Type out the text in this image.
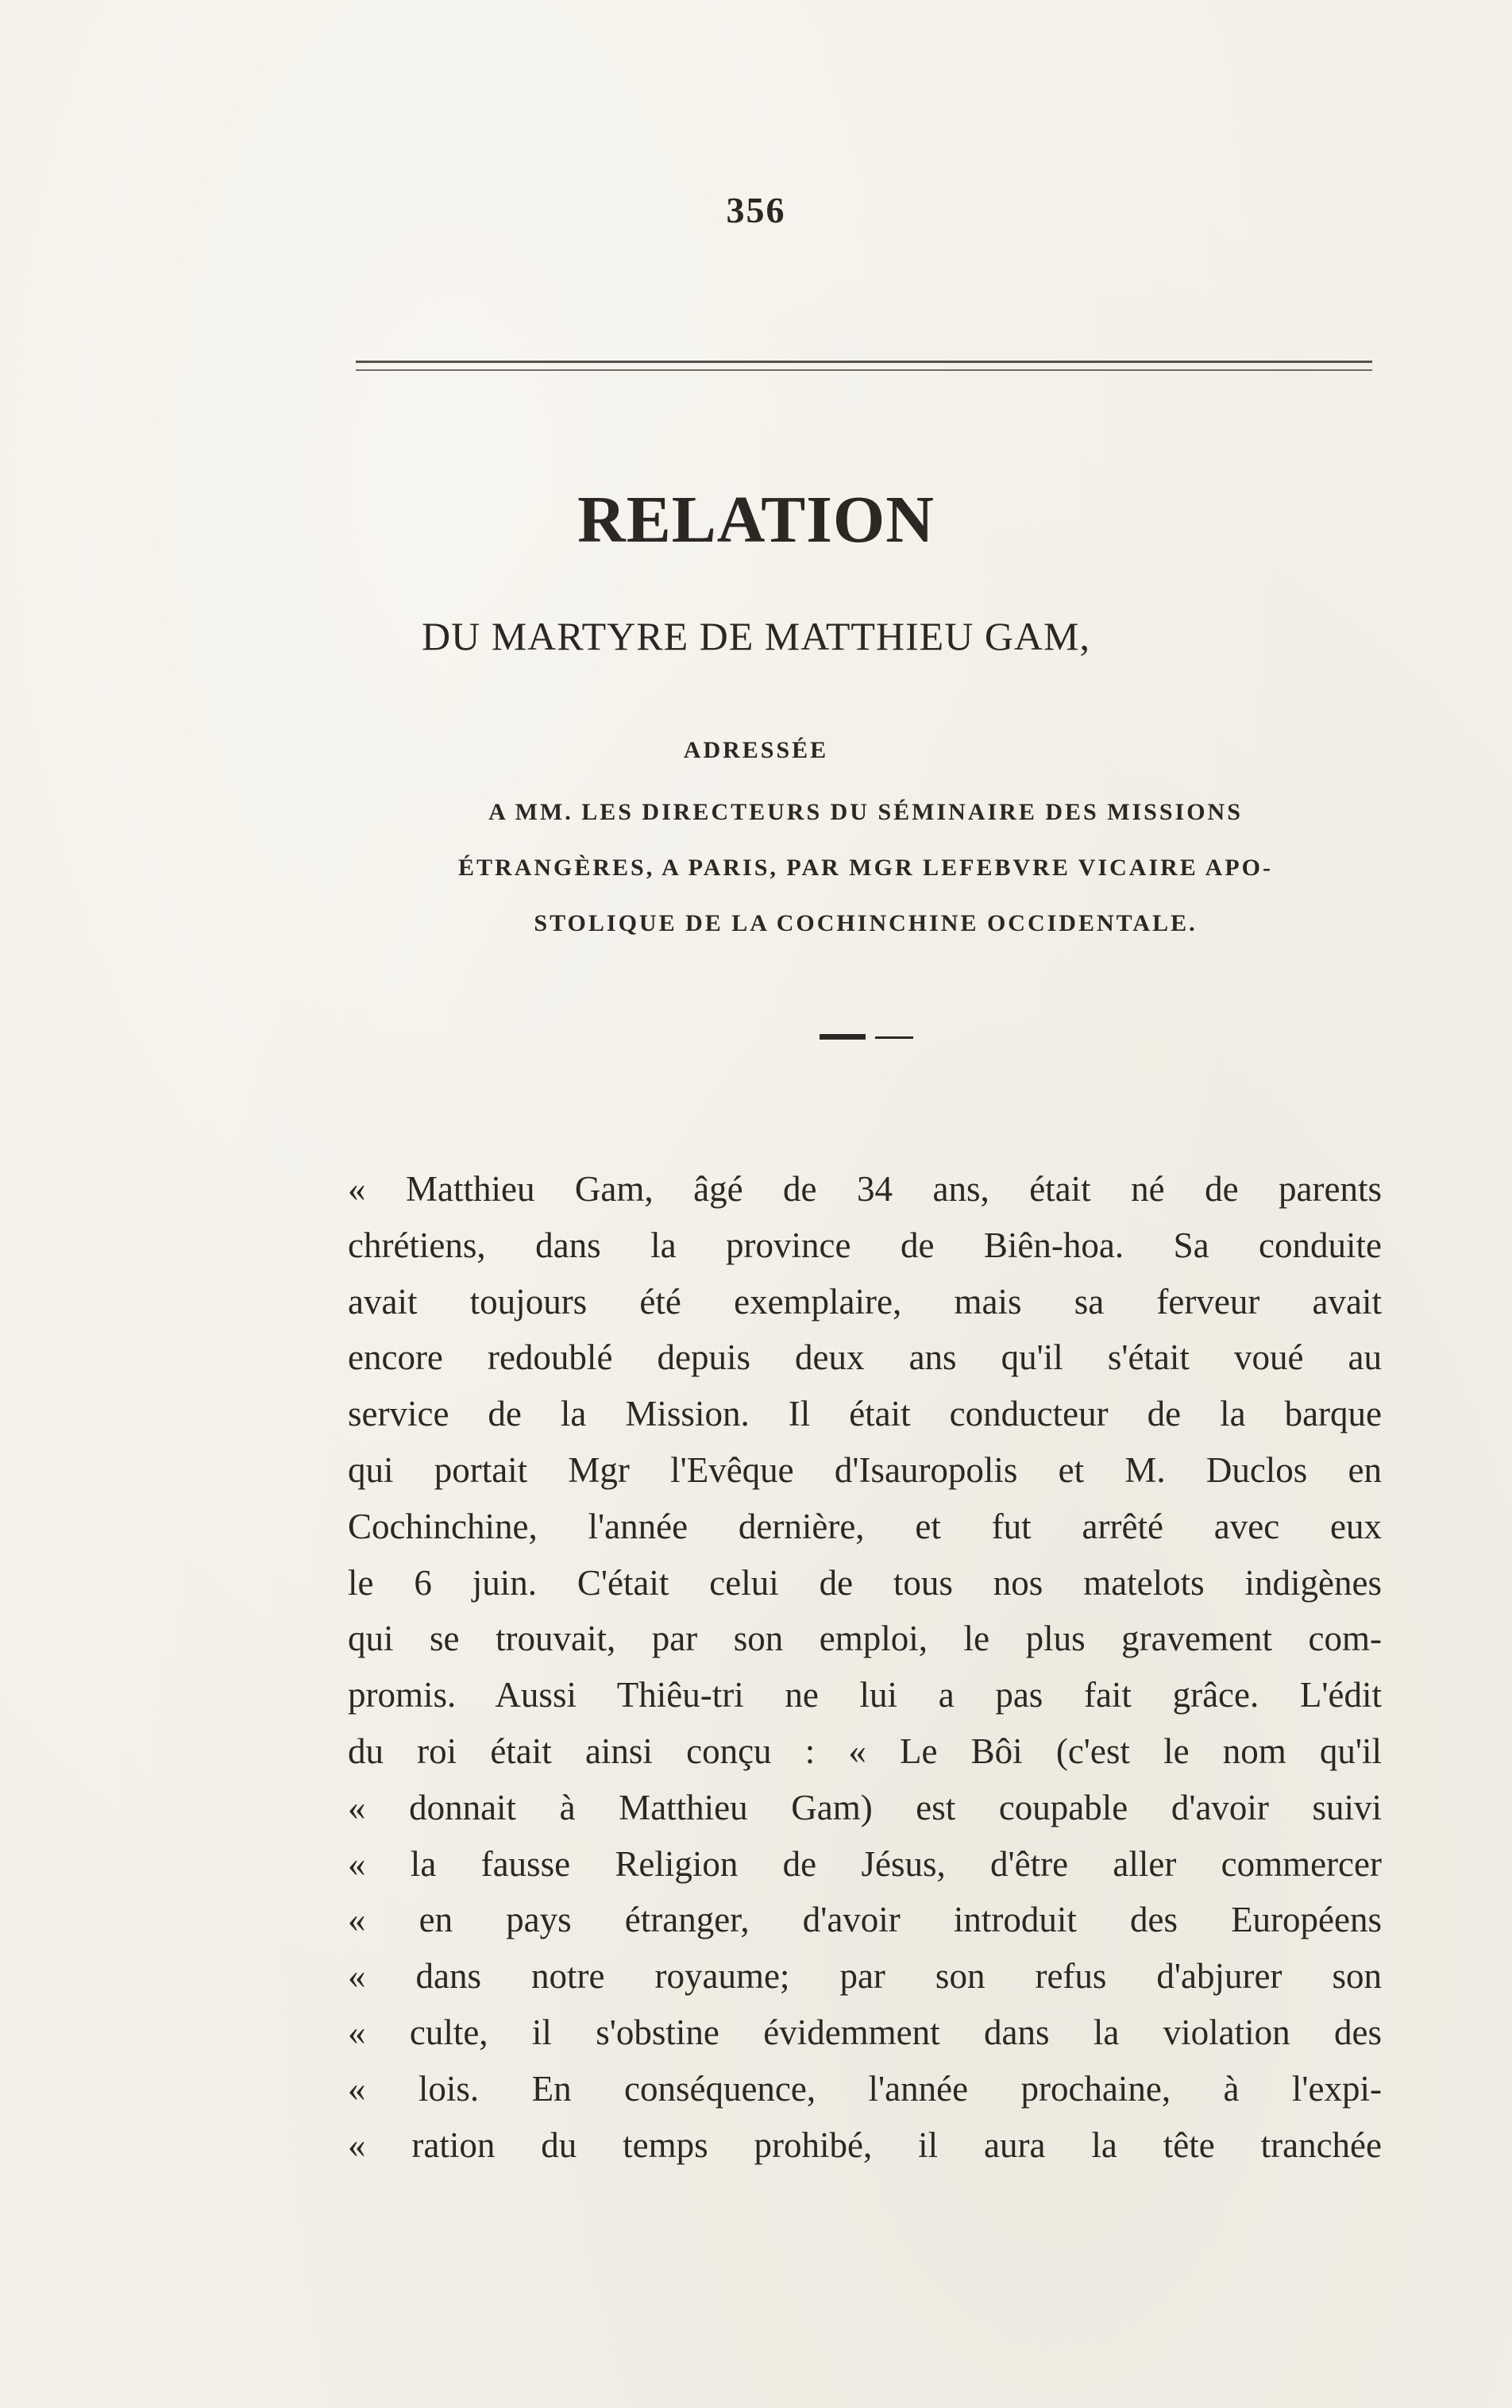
356
RELATION
DU MARTYRE DE MATTHIEU GAM,
ADRESSÉE
A MM. LES DIRECTEURS DU SÉMINAIRE DES MISSIONS
ÉTRANGÈRES, A PARIS, PAR MGR LEFEBVRE VICAIRE APO-
STOLIQUE DE LA COCHINCHINE OCCIDENTALE.
« Matthieu Gam, âgé de 34 ans, était né de parents
chrétiens, dans la province de Biên-hoa. Sa conduite
avait toujours été exemplaire, mais sa ferveur avait
encore redoublé depuis deux ans qu'il s'était voué au
service de la Mission. Il était conducteur de la barque
qui portait Mgr l'Evêque d'Isauropolis et M. Duclos en
Cochinchine, l'année dernière, et fut arrêté avec eux
le 6 juin. C'était celui de tous nos matelots indigènes
qui se trouvait, par son emploi, le plus gravement com-
promis. Aussi Thiêu-tri ne lui a pas fait grâce. L'édit
du roi était ainsi conçu : « Le Bôi (c'est le nom qu'il
« donnait à Matthieu Gam) est coupable d'avoir suivi
« la fausse Religion de Jésus, d'être aller commercer
« en pays étranger, d'avoir introduit des Européens
« dans notre royaume; par son refus d'abjurer son
« culte, il s'obstine évidemment dans la violation des
« lois. En conséquence, l'année prochaine, à l'expi-
« ration du temps prohibé, il aura la tête tranchée
